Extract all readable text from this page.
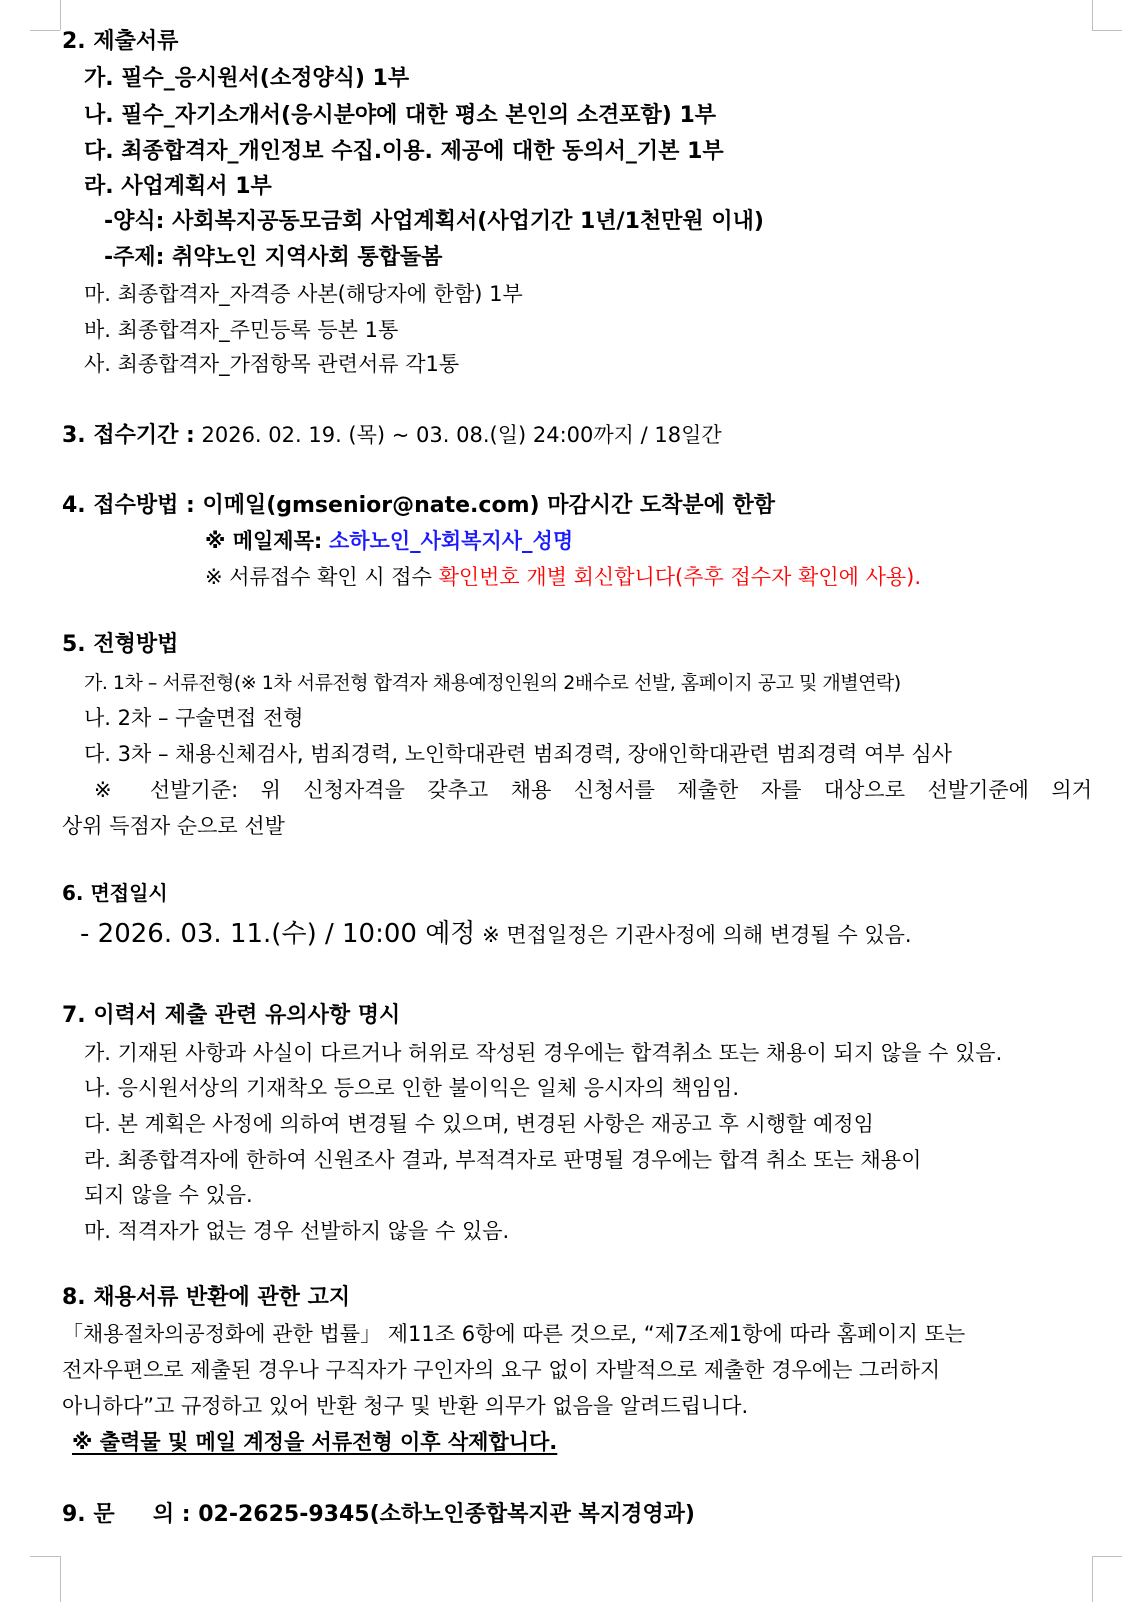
2. 제출서류
가. 필수_응시원서(소정양식) 1부
나. 필수_자기소개서(응시분야에 대한 평소 본인의 소견포함) 1부
다. 최종합격자_개인정보 수집.이용. 제공에 대한 동의서_기본 1부
라. 사업계획서 1부
-양식: 사회복지공동모금회 사업계획서(사업기간 1년/1천만원 이내)
-주제: 취약노인 지역사회 통합돌봄
마. 최종합격자_자격증 사본(해당자에 한함) 1부
바. 최종합격자_주민등록 등본 1통
사. 최종합격자_가점항목 관련서류 각1통
3. 접수기간 : 2026. 02. 19. (목) ~ 03. 08.(일) 24:00까지 / 18일간
4. 접수방법 : 이메일(gmsenior@nate.com) 마감시간 도착분에 한함
※ 메일제목: 소하노인_사회복지사_성명
※ 서류접수 확인 시 접수 확인번호 개별 회신합니다(추후 접수자 확인에 사용).
5. 전형방법
가. 1차 – 서류전형(※ 1차 서류전형 합격자 채용예정인원의 2배수로 선발, 홈페이지 공고 및 개별연락)
나. 2차 – 구술면접 전형
다. 3차 – 채용신체검사, 범죄경력, 노인학대관련 범죄경력, 장애인학대관련 범죄경력 여부 심사
※ 선발기준: 위 신청자격을 갖추고 채용 신청서를 제출한 자를 대상으로 선발기준에 의거
상위 득점자 순으로 선발
6. 면접일시
- 2026. 03. 11.(수) / 10:00 예정 ※ 면접일정은 기관사정에 의해 변경될 수 있음.
7. 이력서 제출 관련 유의사항 명시
가. 기재된 사항과 사실이 다르거나 허위로 작성된 경우에는 합격취소 또는 채용이 되지 않을 수 있음.
나. 응시원서상의 기재착오 등으로 인한 불이익은 일체 응시자의 책임임.
다. 본 계획은 사정에 의하여 변경될 수 있으며, 변경된 사항은 재공고 후 시행할 예정임
라. 최종합격자에 한하여 신원조사 결과, 부적격자로 판명될 경우에는 합격 취소 또는 채용이
되지 않을 수 있음.
마. 적격자가 없는 경우 선발하지 않을 수 있음.
8. 채용서류 반환에 관한 고지
「채용절차의공정화에 관한 법률」 제11조 6항에 따른 것으로, “제7조제1항에 따라 홈페이지 또는
전자우편으로 제출된 경우나 구직자가 구인자의 요구 없이 자발적으로 제출한 경우에는 그러하지
아니하다”고 규정하고 있어 반환 청구 및 반환 의무가 없음을 알려드립니다.
※ 출력물 및 메일 계정을 서류전형 이후 삭제합니다.
9. 문     의 : 02-2625-9345(소하노인종합복지관 복지경영과)
